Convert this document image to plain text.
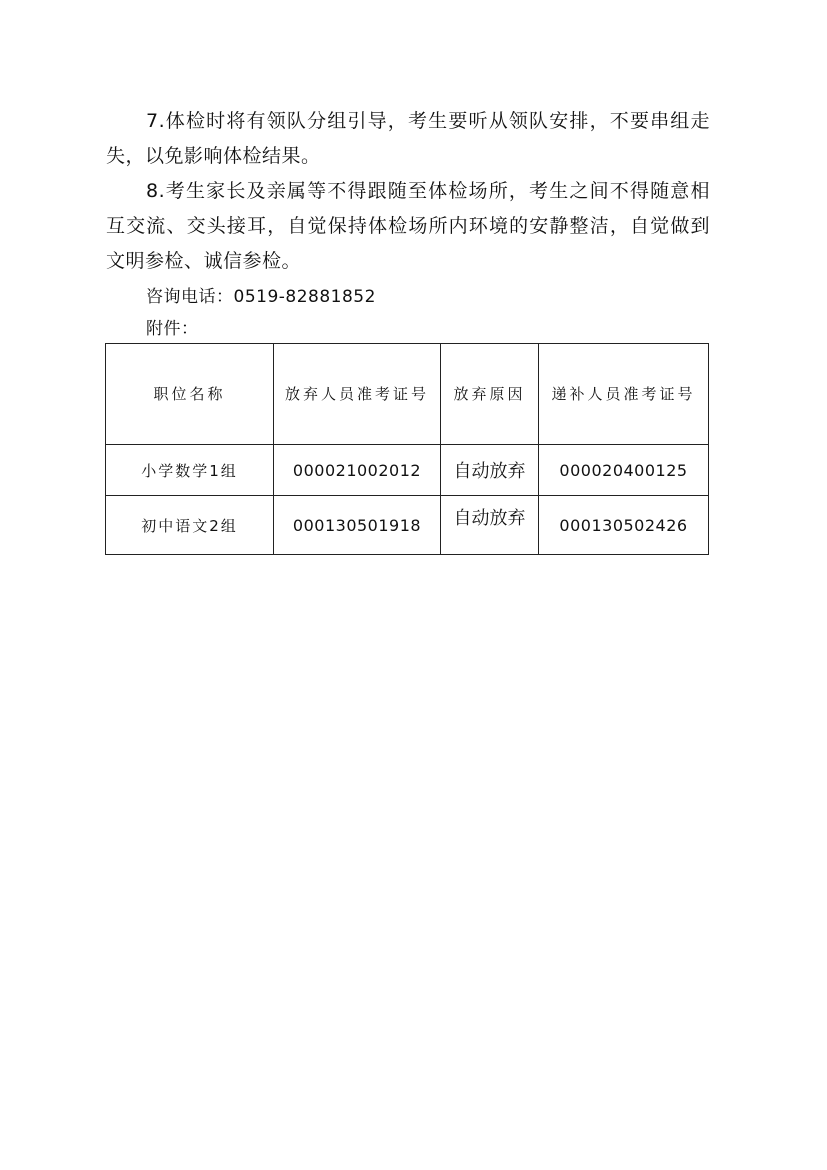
7.体检时将有领队分组引导，考生要听从领队安排，不要串组走失，以免影响体检结果。

8.考生家长及亲属等不得跟随至体检场所，考生之间不得随意相互交流、交头接耳，自觉保持体检场所内环境的安静整洁，自觉做到文明参检、诚信参检。

咨询电话：0519-82881852

附件：

职位名称	放弃人员准考证号	放弃原因	递补人员准考证号
小学数学1组	000021002012	自动放弃	000020400125
初中语文2组	000130501918	自动放弃	000130502426
